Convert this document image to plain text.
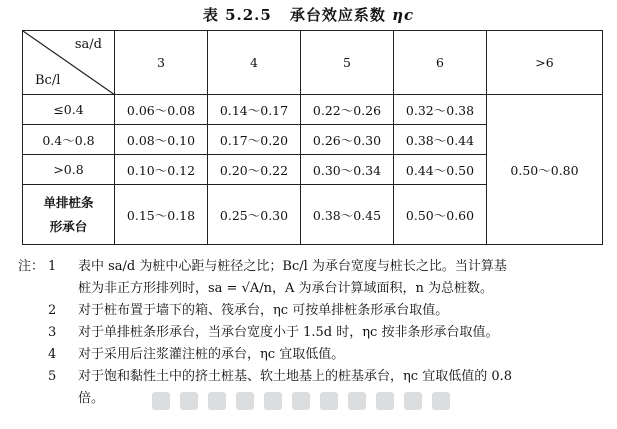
表 5.2.5 承台效应系数 ηc
sa/d
Bc/l	3	4	5	6	>6
≤0.4	0.06～0.08	0.14～0.17	0.22～0.26	0.32～0.38	0.50～0.80
0.4～0.8	0.08～0.10	0.17～0.20	0.26～0.30	0.38～0.44	
>0.8	0.10～0.12	0.20～0.22	0.30～0.34	0.44～0.50	

单排桩条
形承台	0.15～0.18	0.25～0.30	0.38～0.45	0.50～0.60	
注： 1	表中 sa/d 为桩中心距与桩径之比；Bc/l 为承台宽度与桩长之比。当计算基
桩为非正方形排列时，sa = √A/n，A 为承台计算域面积，n 为总桩数。
2	对于桩布置于墙下的箱、筏承台，ηc 可按单排桩条形承台取值。
3	对于单排桩条形承台，当承台宽度小于 1.5d 时，ηc 按非条形承台取值。
4	对于采用后注浆灌注桩的承台，ηc 宜取低值。
5	对于饱和黏性土中的挤土桩基、软土地基上的桩基承台，ηc 宜取低值的 0.8
倍。
